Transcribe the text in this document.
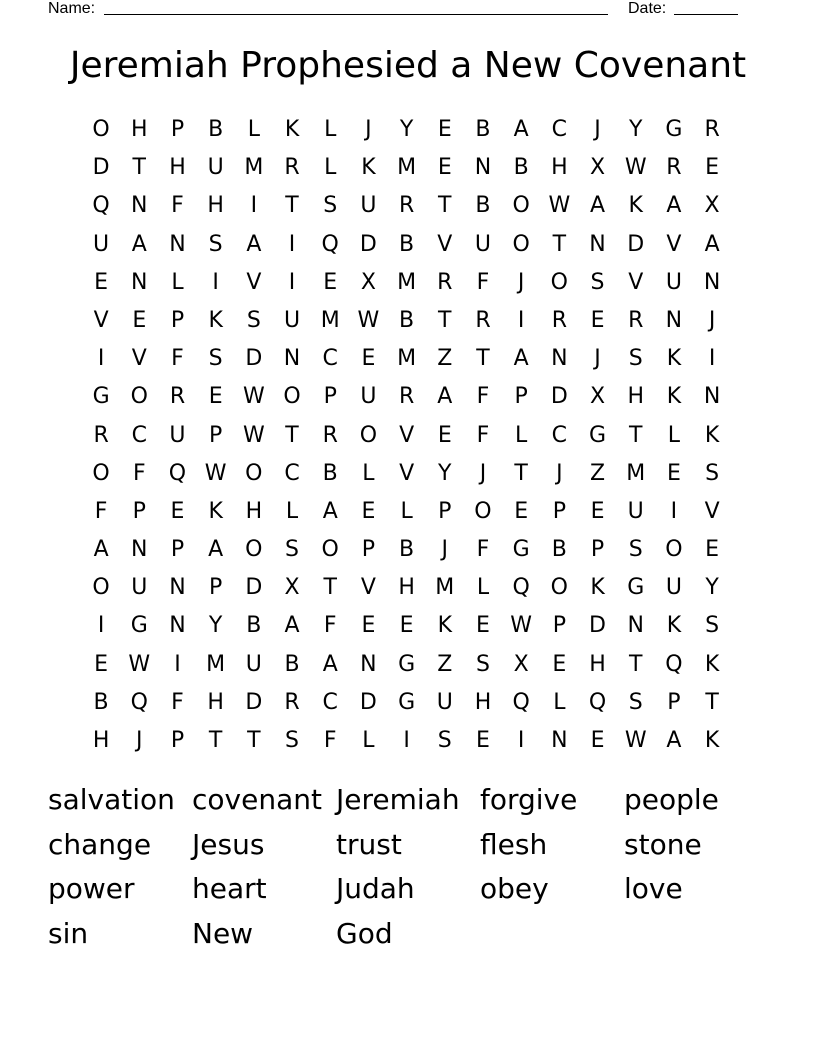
Name:	Date:
Jeremiah Prophesied a New Covenant
O H	P	B	L	K	L	J	Y	E	B	A	C	J	Y	G	R
D	T	H U M R	L	K M E	N	B	H	X W R	E
Q N	F	H	I	T	S	U	R	T	B O W A	K	A	X
U	A	N	S	A	I	Q D	B	V	U O	T	N D	V	A
E	N	L	I	V	I	E	X M R	F	J	O	S	V	U N
V	E	P	K	S	U M W B	T	R	I	R	E	R	N	J
I	V	F	S	D N	C	E M Z	T	A	N	J	S	K	I
G O R	E W O	P	U	R	A	F	P	D	X	H	K	N
R	C	U	P W T	R O	V	E	F	L	C G	T	L	K
O	F	Q W O C	B	L	V	Y	J	T	J	Z M E	S
F	P	E	K	H	L	A	E	L	P	O	E	P	E	U	I	V
A	N	P	A O	S	O	P	B	J	F	G	B	P	S	O	E
O U N	P	D	X	T	V	H M	L	Q O	K	G U	Y
I	G N	Y	B	A	F	E	E	K	E W P	D N	K	S
E W	I	M U	B	A	N G	Z	S	X	E	H	T	Q	K
B Q	F	H D	R	C	D G U H Q	L	Q	S	P	T
H	J	P	T	T	S	F	L	I	S	E	I	N	E W A	K
salvation covenant Jeremiah forgive	people
change	Jesus	trust	flesh	stone
power	heart	Judah	obey	love
sin	New	God
